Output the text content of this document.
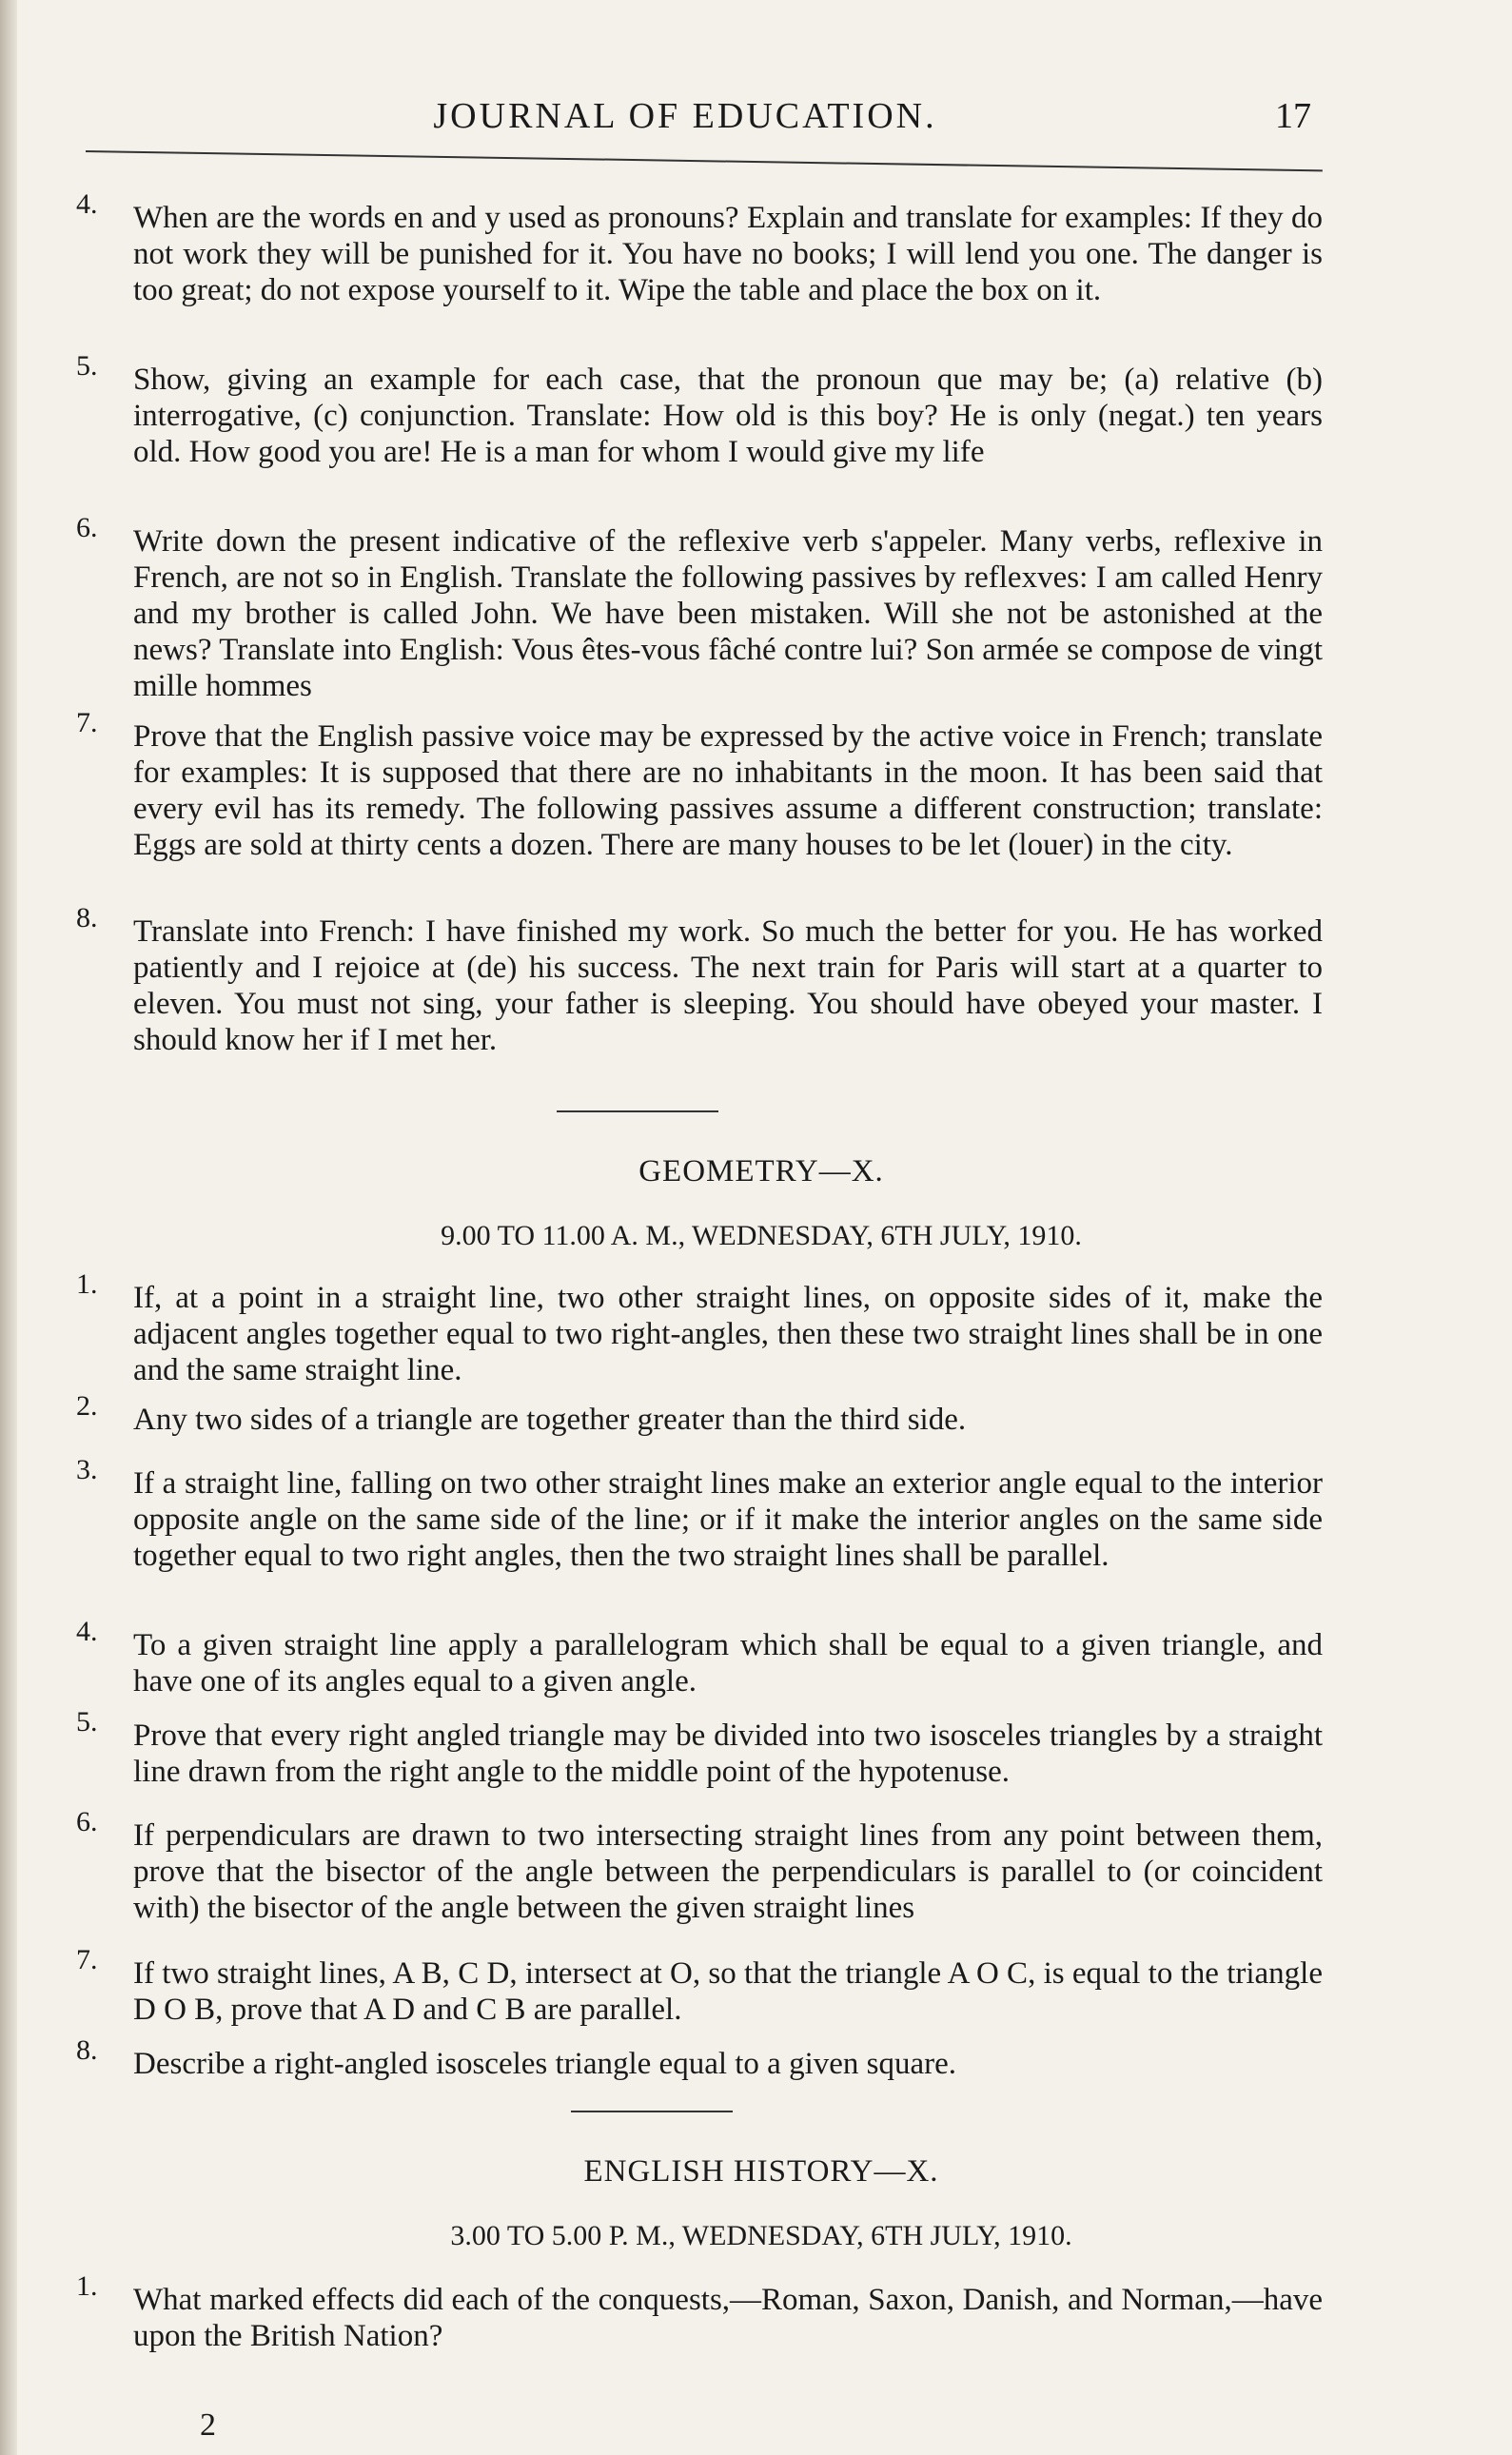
JOURNAL OF EDUCATION.	17
4.	When are the words en and y used as pronouns? Explain and translate for examples: If they do not work they will be punished for it. You have no books; I will lend you one. The danger is too great; do not expose yourself to it. Wipe the table and place the box on it.
5.	Show, giving an example for each case, that the pronoun que may be; (a) relative (b) interrogative, (c) conjunction. Translate: How old is this boy? He is only (negat.) ten years old. How good you are! He is a man for whom I would give my life
6.	Write down the present indicative of the reflexive verb s'appeler. Many verbs, reflexive in French, are not so in English. Translate the following passives by reflexves: I am called Henry and my brother is called John. We have been mistaken. Will she not be astonished at the news? Translate into English: Vous êtes-vous fâché contre lui? Son armée se compose de vingt mille hommes
7.	Prove that the English passive voice may be expressed by the active voice in French; translate for examples: It is supposed that there are no inhabitants in the moon. It has been said that every evil has its remedy. The following passives assume a different construction; translate: Eggs are sold at thirty cents a dozen. There are many houses to be let (louer) in the city.
8.	Translate into French: I have finished my work. So much the better for you. He has worked patiently and I rejoice at (de) his success. The next train for Paris will start at a quarter to eleven. You must not sing, your father is sleeping. You should have obeyed your master. I should know her if I met her.
GEOMETRY—X.
9.00 TO 11.00 A. M., WEDNESDAY, 6TH JULY, 1910.
1.	If, at a point in a straight line, two other straight lines, on opposite sides of it, make the adjacent angles together equal to two right-angles, then these two straight lines shall be in one and the same straight line.
2.	Any two sides of a triangle are together greater than the third side.
3.	If a straight line, falling on two other straight lines make an exterior angle equal to the interior opposite angle on the same side of the line; or if it make the interior angles on the same side together equal to two right angles, then the two straight lines shall be parallel.
4.	To a given straight line apply a parallelogram which shall be equal to a given triangle, and have one of its angles equal to a given angle.
5.	Prove that every right angled triangle may be divided into two isosceles triangles by a straight line drawn from the right angle to the middle point of the hypotenuse.
6.	If perpendiculars are drawn to two intersecting straight lines from any point between them, prove that the bisector of the angle between the perpendiculars is parallel to (or coincident with) the bisector of the angle between the given straight lines
7.	If two straight lines, A B, C D, intersect at O, so that the triangle A O C, is equal to the triangle D O B, prove that A D and C B are parallel.
8.	Describe a right-angled isosceles triangle equal to a given square.
ENGLISH HISTORY—X.
3.00 TO 5.00 P. M., WEDNESDAY, 6TH JULY, 1910.
1.	What marked effects did each of the conquests,—Roman, Saxon, Danish, and Norman,—have upon the British Nation?
2
